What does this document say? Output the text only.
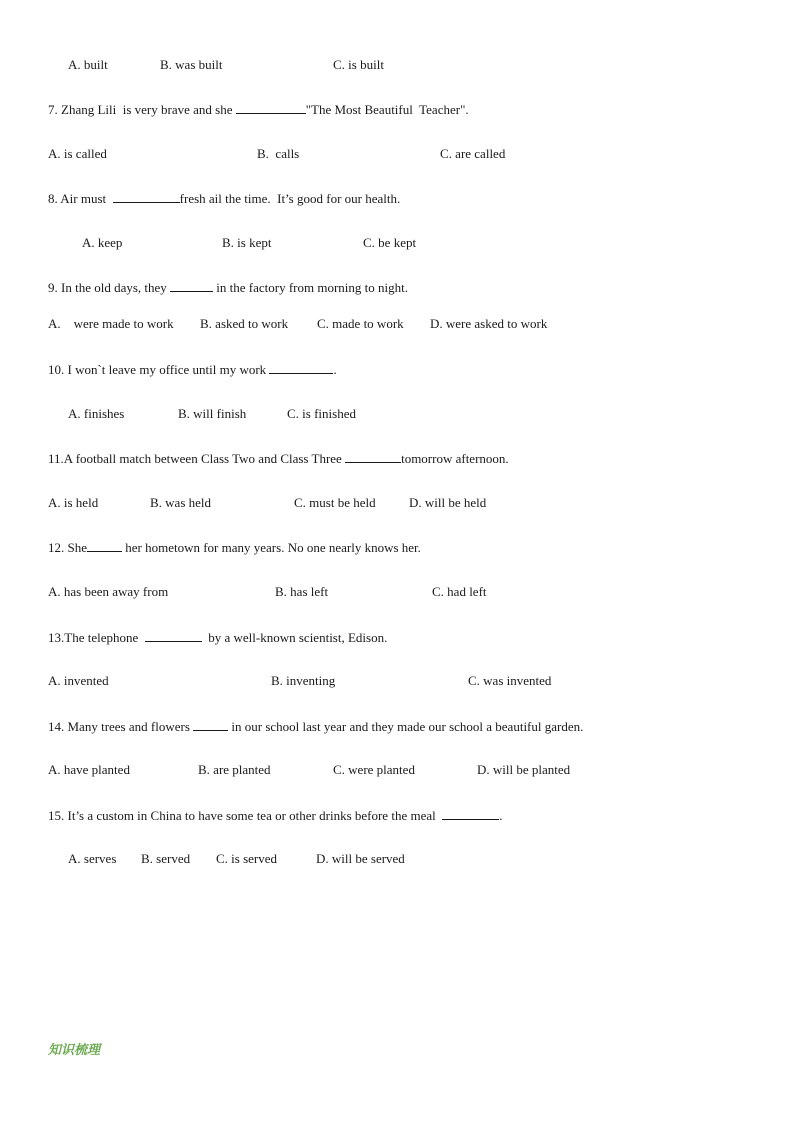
A. built	B. was built	C. is built
7. Zhang Lili  is very brave and she	"The Most Beautiful  Teacher".
A. is called	B.  calls	C. are called
8. Air must	fresh ail the time.  It’s good for our health.
A. keep	B. is kept	C. be kept
9. In the old days, they	in the factory from morning to night.
A.    were made to work B. asked to work C. made to work D. were asked to work
10. I won`t leave my office until my work	.
A. finishes	B. will finish	C. is finished
11.A football match between Class Two and Class Three	tomorrow afternoon.
A. is held	B. was held	C. must be held	D. will be held
12. She	her hometown for many years. No one nearly knows her.
A. has been away from	B. has left	C. had left
13.The telephone	by a well-known scientist, Edison.
A. invented	B. inventing	C. was invented
14. Many trees and flowers	in our school last year and they made our school a beautiful garden.
A. have planted	B. are planted	C. were planted	D. will be planted
15. It’s a custom in China to have some tea or other drinks before the meal	.
A. serves B. served C. is served	D. will be served
知识梳理
